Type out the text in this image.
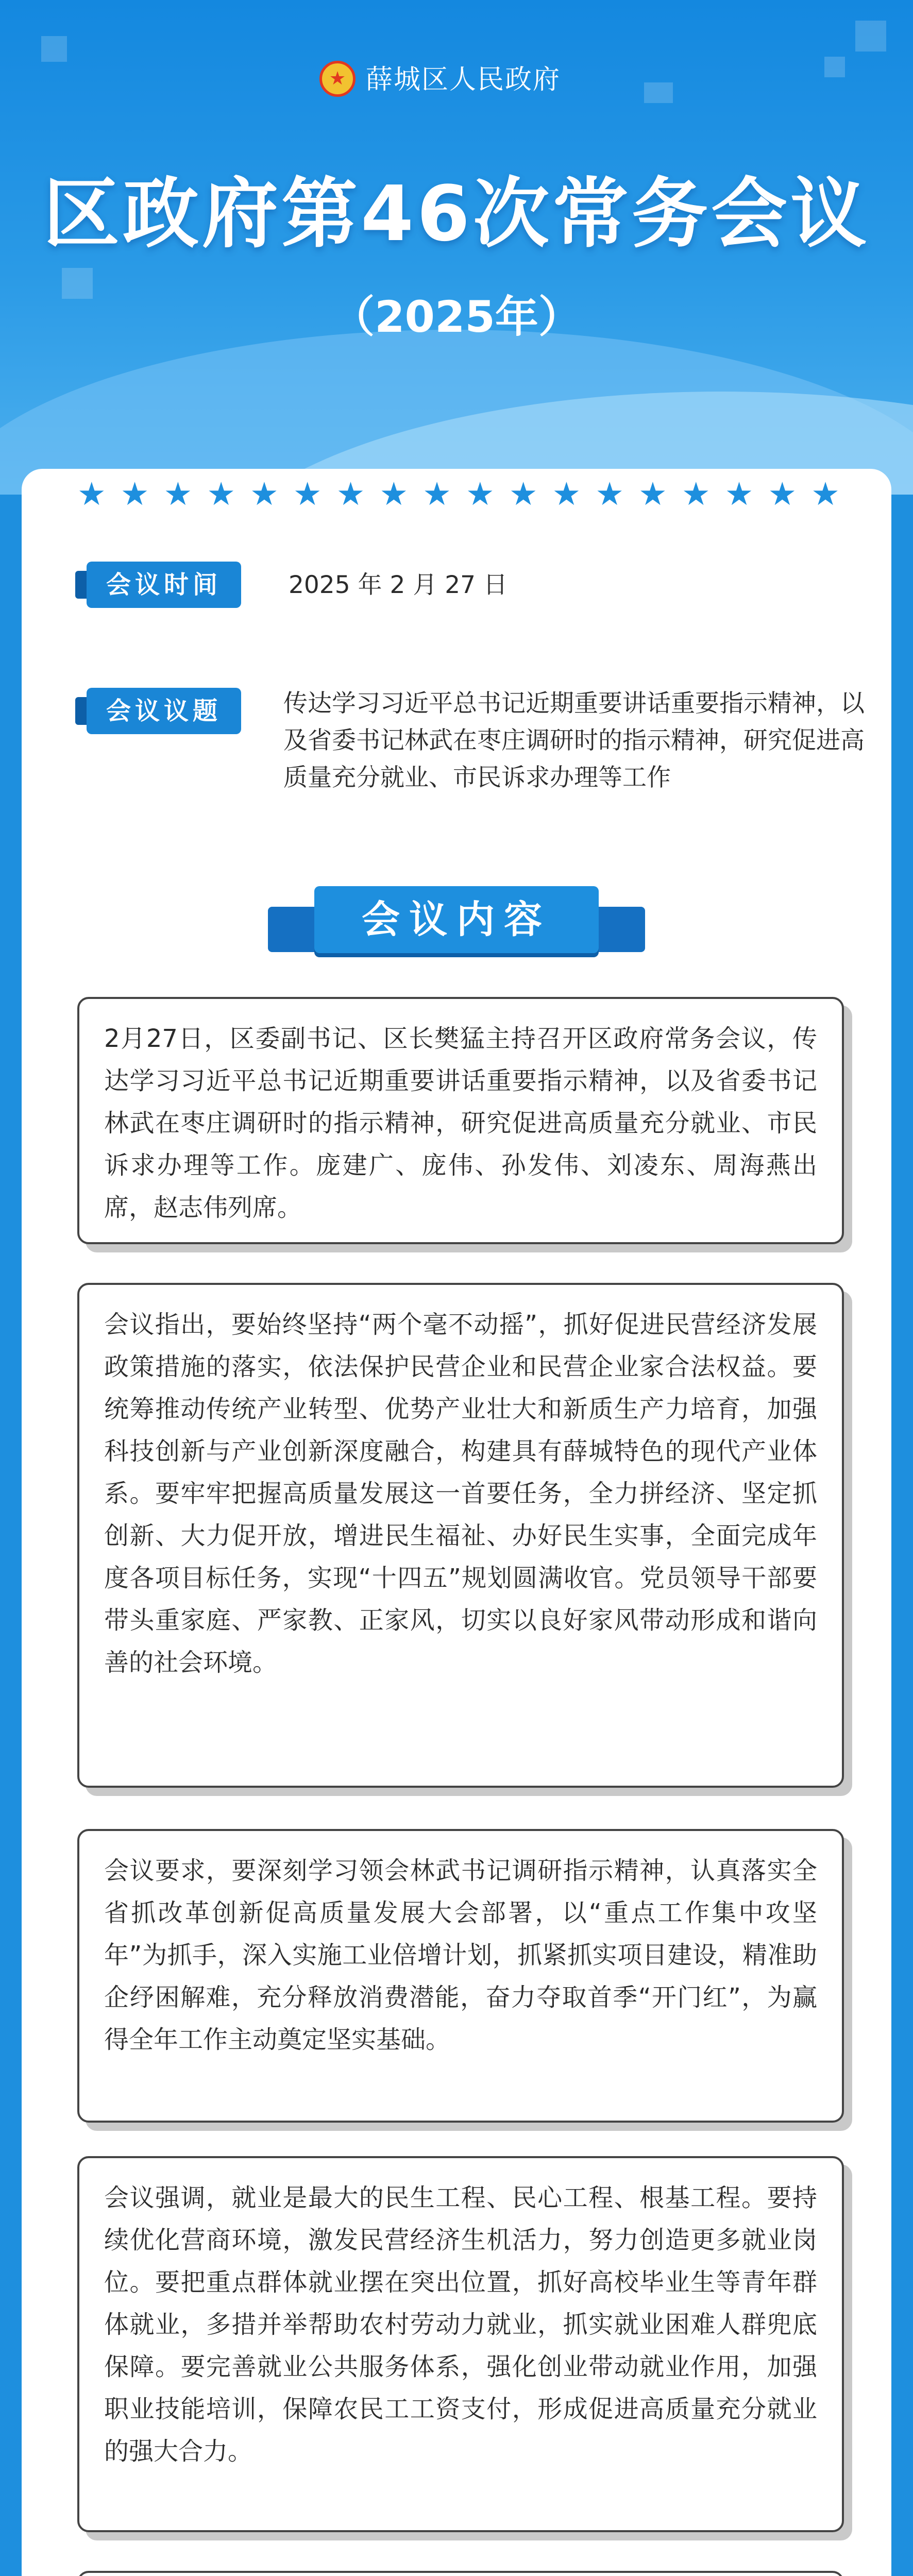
★
薛城区人民政府
区政府第46次常务会议
（2025年）
★ ★ ★ ★ ★ ★ ★ ★ ★ ★ ★ ★ ★ ★ ★ ★ ★ ★
会议时间	2025 年 2 月 27 日
会议议题	传达学习习近平总书记近期重要讲话重要指示精神，以及省委书记林武在枣庄调研时的指示精神，研究促进高质量充分就业、市民诉求办理等工作
会议内容

2月27日，区委副书记、区长樊猛主持召开区政府常务会议，传达学习习近平总书记近期重要讲话重要指示精神，以及省委书记林武在枣庄调研时的指示精神，研究促进高质量充分就业、市民诉求办理等工作。庞建广、庞伟、孙发伟、刘凌东、周海燕出席，赵志伟列席。

会议指出，要始终坚持“两个毫不动摇”，抓好促进民营经济发展政策措施的落实，依法保护民营企业和民营企业家合法权益。要统筹推动传统产业转型、优势产业壮大和新质生产力培育，加强科技创新与产业创新深度融合，构建具有薛城特色的现代产业体系。要牢牢把握高质量发展这一首要任务，全力拼经济、坚定抓创新、大力促开放，增进民生福祉、办好民生实事，全面完成年度各项目标任务，实现“十四五”规划圆满收官。党员领导干部要带头重家庭、严家教、正家风，切实以良好家风带动形成和谐向善的社会环境。

会议要求，要深刻学习领会林武书记调研指示精神，认真落实全省抓改革创新促高质量发展大会部署，以“重点工作集中攻坚年”为抓手，深入实施工业倍增计划，抓紧抓实项目建设，精准助企纾困解难，充分释放消费潜能，奋力夺取首季“开门红”，为赢得全年工作主动奠定坚实基础。

会议强调，就业是最大的民生工程、民心工程、根基工程。要持续优化营商环境，激发民营经济生机活力，努力创造更多就业岗位。要把重点群体就业摆在突出位置，抓好高校毕业生等青年群体就业，多措并举帮助农村劳动力就业，抓实就业困难人群兜底保障。要完善就业公共服务体系，强化创业带动就业作用，加强职业技能培训，保障农民工工资支付，形成促进高质量充分就业的强大合力。
